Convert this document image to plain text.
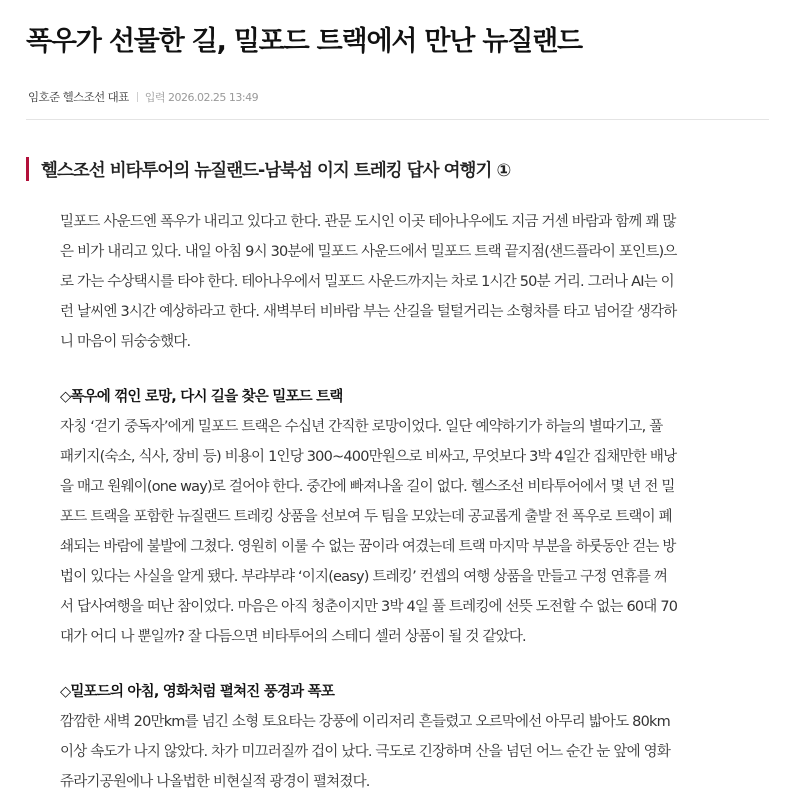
폭우가 선물한 길, 밀포드 트랙에서 만난 뉴질랜드
임호준 헬스조선 대표 입력 2026.02.25 13:49
헬스조선 비타투어의 뉴질랜드-남북섬 이지 트레킹 답사 여행기 ①

밀포드 사운드엔 폭우가 내리고 있다고 한다. 관문 도시인 이곳 테아나우에도 지금 거센 바람과 함께 꽤 많
은 비가 내리고 있다. 내일 아침 9시 30분에 밀포드 사운드에서 밀포드 트랙 끝지점(샌드플라이 포인트)으
로 가는 수상택시를 타야 한다. 테아나우에서 밀포드 사운드까지는 차로 1시간 50분 거리. 그러나 AI는 이
런 날씨엔 3시간 예상하라고 한다. 새벽부터 비바람 부는 산길을 털털거리는 소형차를 타고 넘어갈 생각하
니 마음이 뒤숭숭했다.

◇폭우에 꺾인 로망, 다시 길을 찾은 밀포드 트랙

자칭 ‘걷기 중독자’에게 밀포드 트랙은 수십년 간직한 로망이었다. 일단 예약하기가 하늘의 별따기고, 풀
패키지(숙소, 식사, 장비 등) 비용이 1인당 300~400만원으로 비싸고, 무엇보다 3박 4일간 집채만한 배낭
을 매고 원웨이(one way)로 걸어야 한다. 중간에 빠져나올 길이 없다. 헬스조선 비타투어에서 몇 년 전 밀
포드 트랙을 포함한 뉴질랜드 트레킹 상품을 선보여 두 팀을 모았는데 공교롭게 출발 전 폭우로 트랙이 폐
쇄되는 바람에 불발에 그쳤다. 영원히 이룰 수 없는 꿈이라 여겼는데 트랙 마지막 부분을 하룻동안 걷는 방
법이 있다는 사실을 알게 됐다. 부랴부랴 ‘이지(easy) 트레킹’ 컨셉의 여행 상품을 만들고 구정 연휴를 껴
서 답사여행을 떠난 참이었다. 마음은 아직 청춘이지만 3박 4일 풀 트레킹에 선뜻 도전할 수 없는 60대 70
대가 어디 나 뿐일까? 잘 다듬으면 비타투어의 스테디 셀러 상품이 될 것 같았다.

◇밀포드의 아침, 영화처럼 펼쳐진 풍경과 폭포

깜깜한 새벽 20만km를 넘긴 소형 토요타는 강풍에 이리저리 흔들렸고 오르막에선 아무리 밟아도 80km
이상 속도가 나지 않았다. 차가 미끄러질까 겁이 났다. 극도로 긴장하며 산을 넘던 어느 순간 눈 앞에 영화
쥬라기공원에나 나올법한 비현실적 광경이 펼쳐졌다.
